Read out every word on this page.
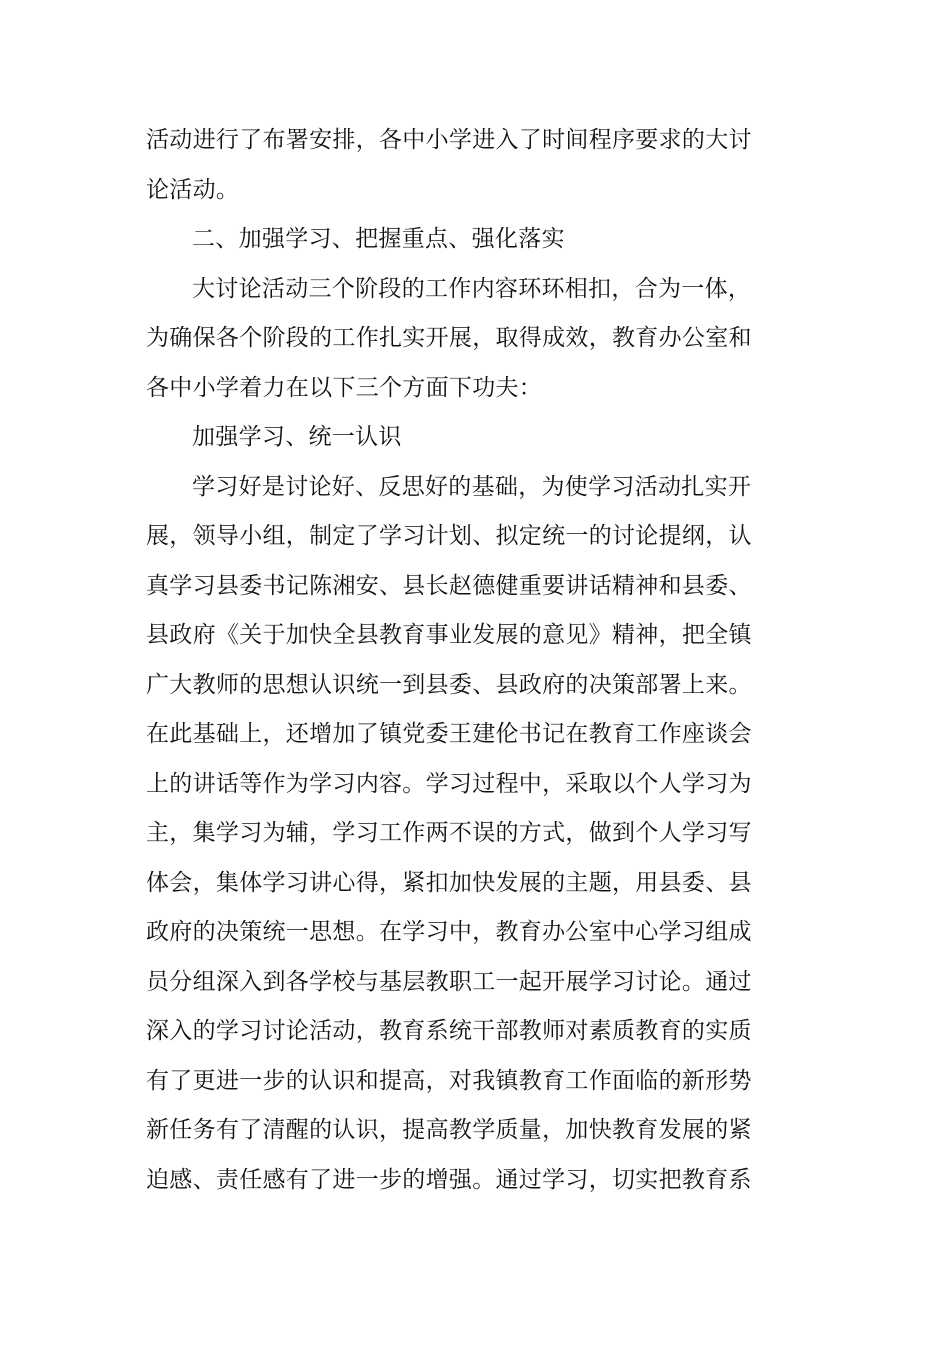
活动进行了布署安排，各中小学进入了时间程序要求的大讨
论活动。
二、加强学习、把握重点、强化落实
大讨论活动三个阶段的工作内容环环相扣，合为一体，
为确保各个阶段的工作扎实开展，取得成效，教育办公室和
各中小学着力在以下三个方面下功夫：
加强学习、统一认识
学习好是讨论好、反思好的基础，为使学习活动扎实开
展，领导小组，制定了学习计划、拟定统一的讨论提纲，认
真学习县委书记陈湘安、县长赵德健重要讲话精神和县委、
县政府《关于加快全县教育事业发展的意见》精神，把全镇
广大教师的思想认识统一到县委、县政府的决策部署上来。
在此基础上，还增加了镇党委王建伦书记在教育工作座谈会
上的讲话等作为学习内容。学习过程中，采取以个人学习为
主，集学习为辅，学习工作两不误的方式，做到个人学习写
体会，集体学习讲心得，紧扣加快发展的主题，用县委、县
政府的决策统一思想。在学习中，教育办公室中心学习组成
员分组深入到各学校与基层教职工一起开展学习讨论。通过
深入的学习讨论活动，教育系统干部教师对素质教育的实质
有了更进一步的认识和提高，对我镇教育工作面临的新形势
新任务有了清醒的认识，提高教学质量，加快教育发展的紧
迫感、责任感有了进一步的增强。通过学习，切实把教育系
